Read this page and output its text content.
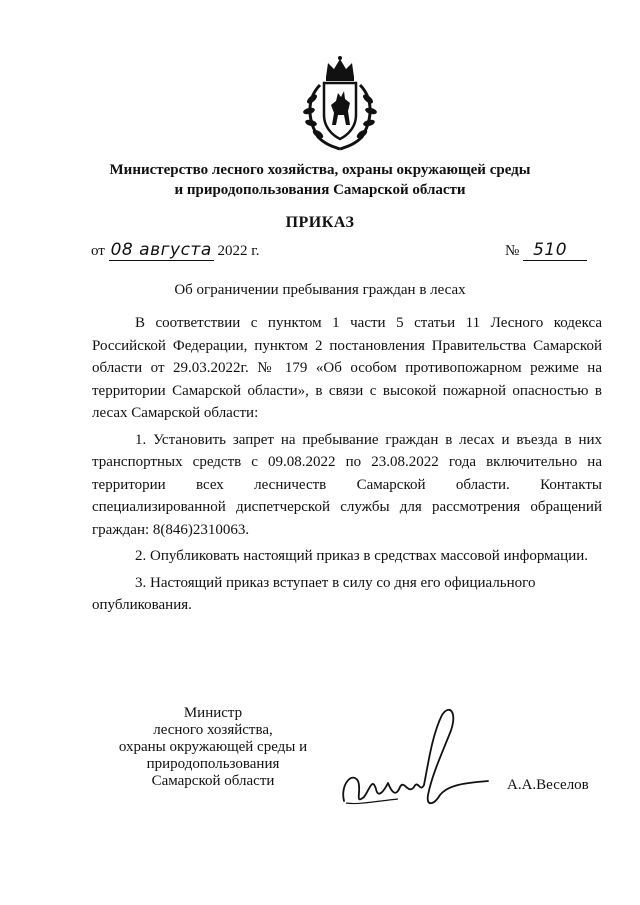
Министерство лесного хозяйства, охраны окружающей среды
и природопользования Самарской области
ПРИКАЗ
от 08 августа 2022 г.	№ 510
Об ограничении пребывания граждан в лесах

В соответствии с пунктом 1 части 5 статьи 11 Лесного кодекса Российской Федерации, пунктом 2 постановления Правительства Самарской области от 29.03.2022г. № 179 «Об особом противопожарном режиме на территории Самарской области», в связи с высокой пожарной опасностью в лесах Самарской области:

1. Установить запрет на пребывание граждан в лесах и въезда в них транспортных средств с 09.08.2022 по 23.08.2022 года включительно на территории всех лесничеств Самарской области. Контакты специализированной диспетчерской службы для рассмотрения обращений граждан: 8(846)2310063.

2. Опубликовать настоящий приказ в средствах массовой информации.

3. Настоящий приказ вступает в силу со дня его официального опубликования.

Министр
лесного хозяйства,
охраны окружающей среды и
природопользования
Самарской области	А.А.Веселов
